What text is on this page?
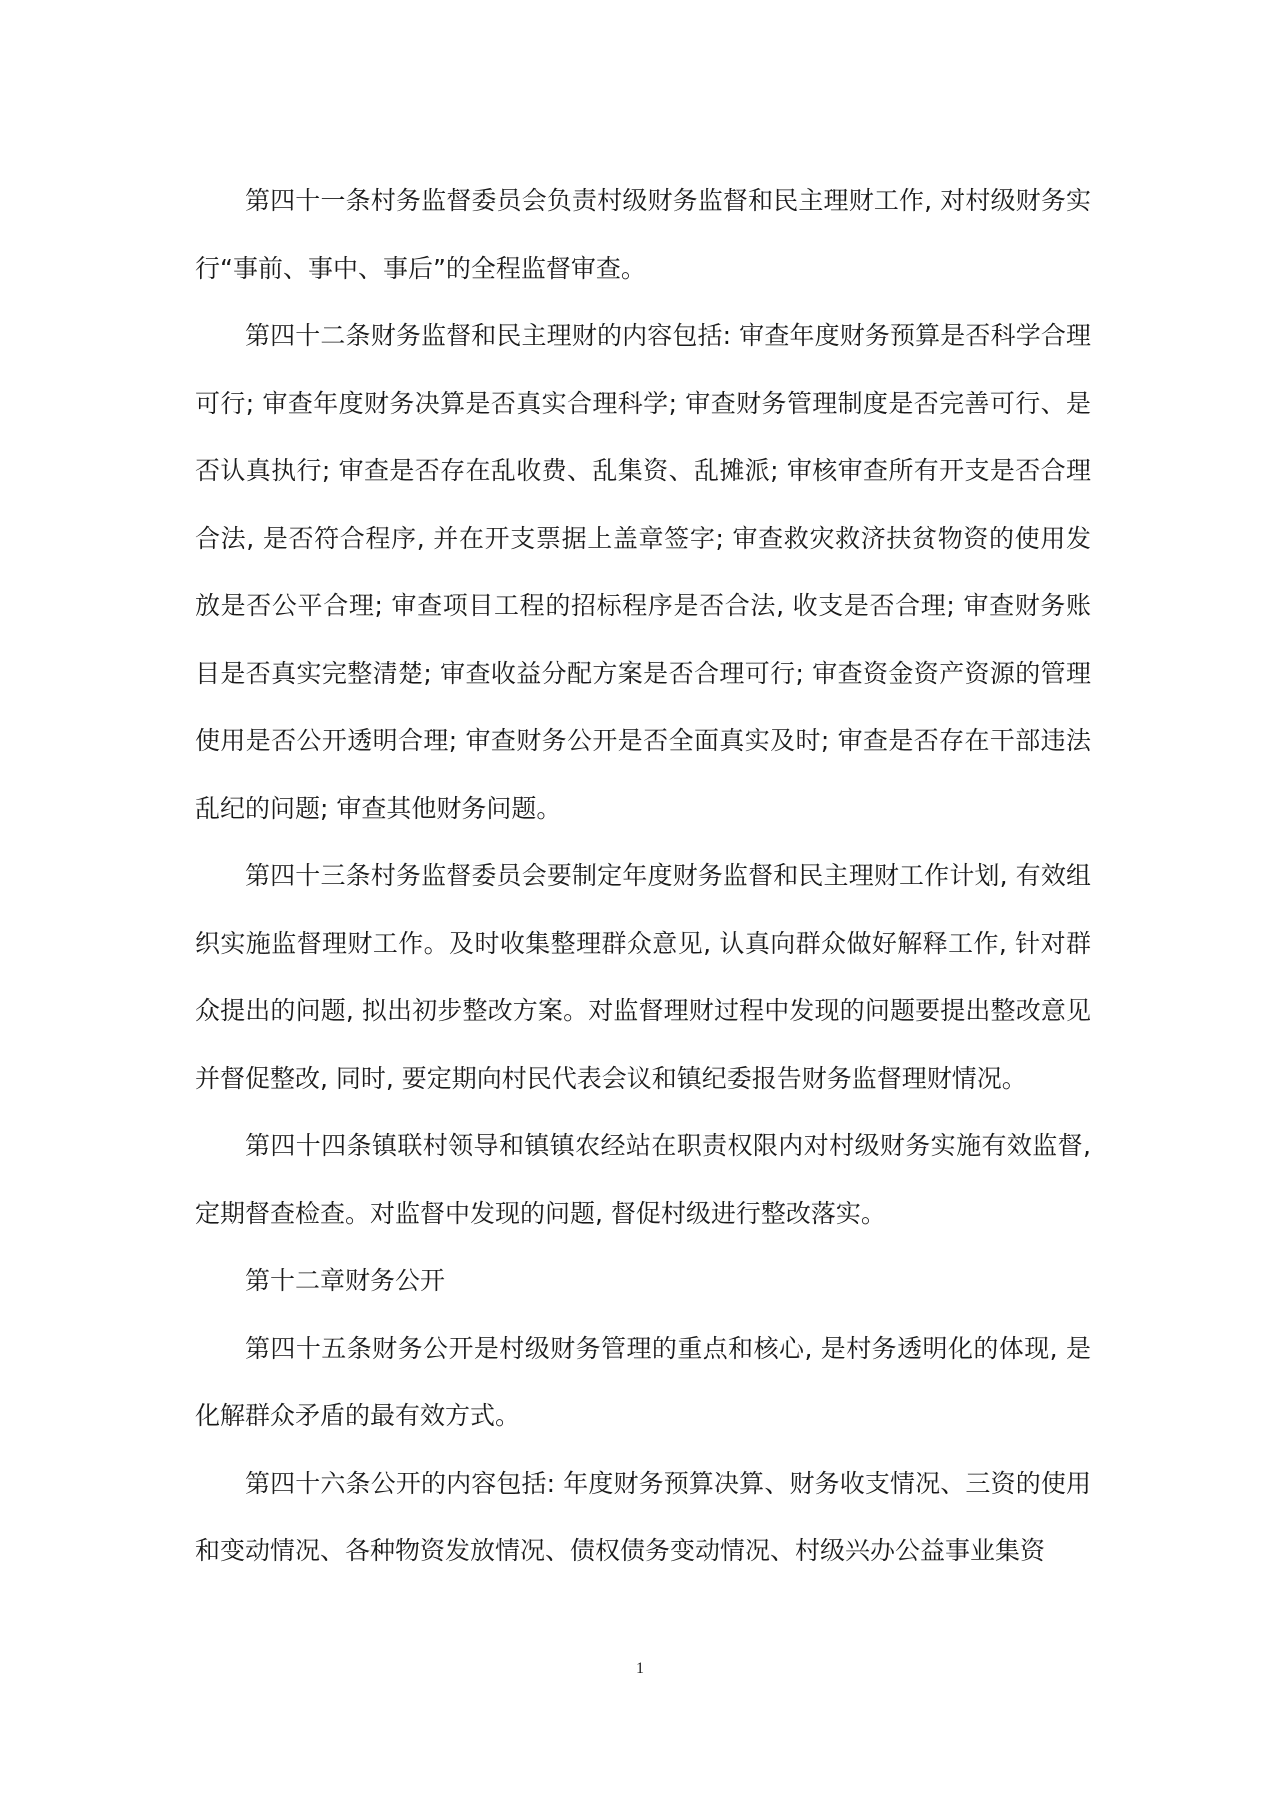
第四十一条村务监督委员会负责村级财务监督和民主理财工作, 对村级财务实行“事前、事中、事后”的全程监督审查。

第四十二条财务监督和民主理财的内容包括: 审查年度财务预算是否科学合理可行; 审查年度财务决算是否真实合理科学; 审查财务管理制度是否完善可行、是否认真执行; 审查是否存在乱收费、乱集资、乱摊派; 审核审查所有开支是否合理合法, 是否符合程序, 并在开支票据上盖章签字; 审查救灾救济扶贫物资的使用发放是否公平合理; 审查项目工程的招标程序是否合法, 收支是否合理; 审查财务账目是否真实完整清楚; 审查收益分配方案是否合理可行; 审查资金资产资源的管理使用是否公开透明合理; 审查财务公开是否全面真实及时; 审查是否存在干部违法乱纪的问题; 审查其他财务问题。

第四十三条村务监督委员会要制定年度财务监督和民主理财工作计划, 有效组织实施监督理财工作。及时收集整理群众意见, 认真向群众做好解释工作, 针对群众提出的问题, 拟出初步整改方案。对监督理财过程中发现的问题要提出整改意见并督促整改, 同时, 要定期向村民代表会议和镇纪委报告财务监督理财情况。

第四十四条镇联村领导和镇镇农经站在职责权限内对村级财务实施有效监督, 定期督查检查。对监督中发现的问题, 督促村级进行整改落实。

第十二章财务公开

第四十五条财务公开是村级财务管理的重点和核心, 是村务透明化的体现, 是化解群众矛盾的最有效方式。

第四十六条公开的内容包括: 年度财务预算决算、财务收支情况、三资的使用和变动情况、各种物资发放情况、债权债务变动情况、村级兴办公益事业集资

1
